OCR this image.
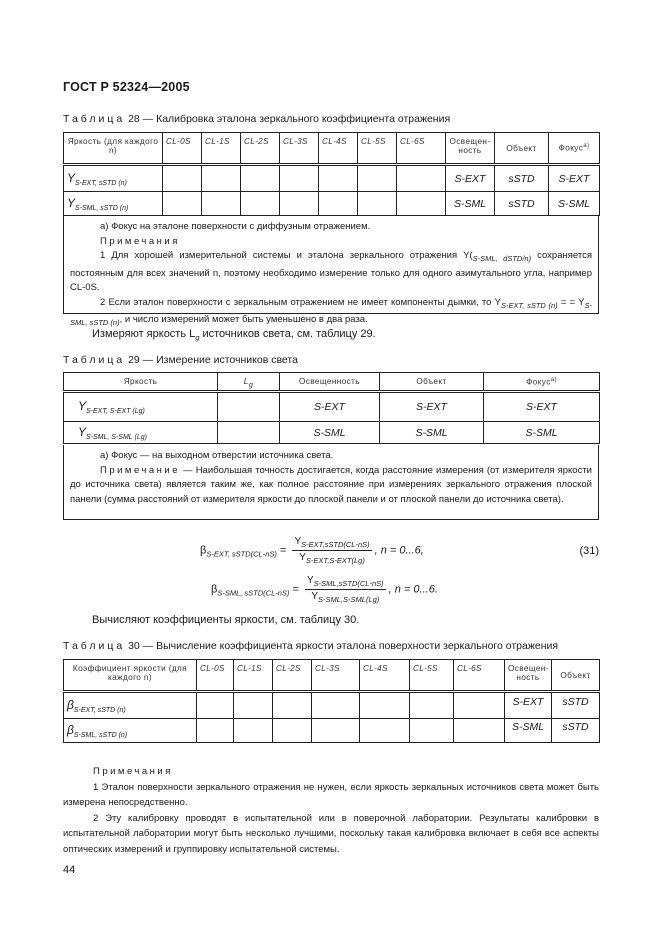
ГОСТ Р 52324—2005
Таблица 28 — Калибровка эталона зеркального коэффициента отражения
Яркость (для каждого n)	CL-0S	CL-1S	CL-2S	CL-3S	CL-4S	CL-5S	CL-6S	Освещен-ность	Объект	Фокус$^{а)}$
$Y_{S-EXT, sSTD (n)}$								S-EXT	sSTD	S-EXT
$Y_{S-SML, sSTD (n)}$								S-SML	sSTD	S-SML
а) Фокус на эталоне поверхности с диффузным отражением.
Примечания
1 Для хорошей измерительной системы и эталона зеркального отражения $Y(_{S-SML, dSTD/n)}$ сохраняется постоянным для всех значений n, поэтому необходимо измерение только для одного азимутального угла, например CL-0S.
2 Если эталон поверхности с зеркальным отражением не имеет компоненты дымки, то $Y_{S-EXT, sSTD (n)}$ = = $Y_{S-SML, sSTD (n)}$, и число измерений может быть уменьшено в два раза.
Измеряют яркость $L_g$ источников света, см. таблицу 29.
Таблица 29 — Измерение источников света
Яркость	Lg	Освещенность	Объект	Фокус$^{а)}$
$Y_{S-EXT, S-EXT (Lg)}$		S-EXT	S-EXT	S-EXT
$Y_{S-SML, S-SML (Lg)}$		S-SML	S-SML	S-SML
а) Фокус — на выходном отверстии источника света.
Примечание — Наибольшая точность достигается, когда расстояние измерения (от измерителя яркости до источника света) является таким же, как полное расстояние при измерениях зеркального отражения плоской панели (сумма расстояний от измерителя яркости до плоской панели и от плоской панели до источника света).
$\beta_{S-EXT, sSTD(CL-nS)} = \frac{Y_{S-EXT,sSTD(CL-nS)}}{Y_{S-EXT,S-EXT(Lg)}}$ , n = 0...6,	(31)
$\beta_{S-SML, sSTD(CL-nS)} = \frac{Y_{S-SML,sSTD(CL-nS)}}{Y_{S-SML,S-SML(Lg)}}$ , n = 0...6.
Вычисляют коэффициенты яркости, см. таблицу 30.
Таблица 30 — Вычисление коэффициента яркости эталона поверхности зеркального отражения
Коэффициент яркости (для каждого n)	CL-0S	CL-1S	CL-2S	CL-3S	CL-4S	CL-5S	CL-6S	Освещен-ность	Объект
$\beta_{S-EXT, sSTD (n)}$								S-EXT	sSTD
$\beta_{S-SML, sSTD (n)}$								S-SML	sSTD
Примечания
1 Эталон поверхности зеркального отражения не нужен, если яркость зеркальных источников света может быть измерена непосредственно.
2 Эту калибровку проводят в испытательной или в поверочной лаборатории. Результаты калибровки в испытательной лаборатории могут быть несколько лучшими, поскольку такая калибровка включает в себя все аспекты оптических измерений и группировку испытательной системы.
44
